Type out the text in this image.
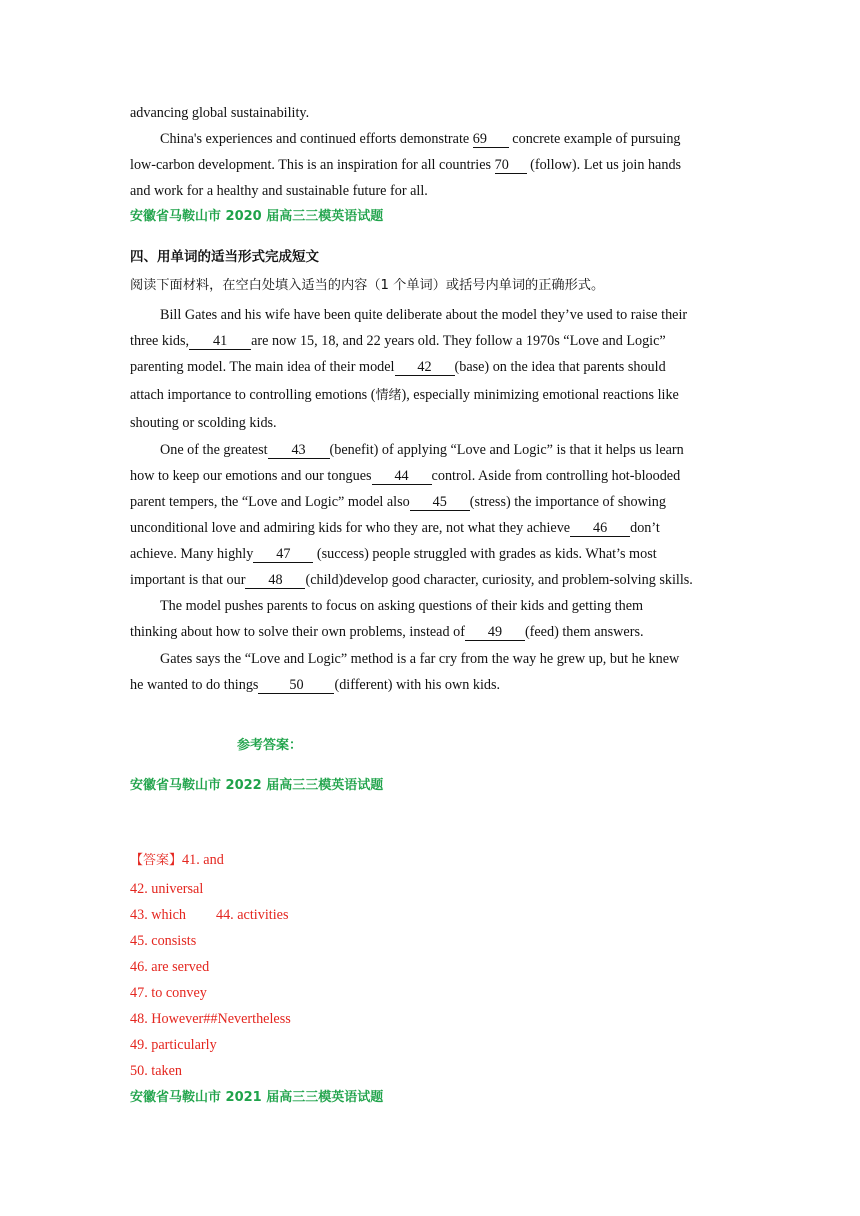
advancing global sustainability.
China's experiences and continued efforts demonstrate 69 concrete example of pursuing
low-carbon development. This is an inspiration for all countries 70 (follow). Let us join hands
and work for a healthy and sustainable future for all.
安徽省马鞍山市 2020 届高三三模英语试题
四、用单词的适当形式完成短文
阅读下面材料，在空白处填入适当的内容（1 个单词）或括号内单词的正确形式。
Bill Gates and his wife have been quite deliberate about the model they’ve used to raise their
three kids, 41 are now 15, 18, and 22 years old. They follow a 1970s “Love and Logic”
parenting model. The main idea of their model 42 (base) on the idea that parents should
attach importance to controlling emotions (情绪), especially minimizing emotional reactions like
shouting or scolding kids.
One of the greatest 43 (benefit) of applying “Love and Logic” is that it helps us learn
how to keep our emotions and our tongues 44 control. Aside from controlling hot-blooded
parent tempers, the “Love and Logic” model also 45 (stress) the importance of showing
unconditional love and admiring kids for who they are, not what they achieve 46 don’t
achieve. Many highly 47 (success) people struggled with grades as kids. What’s most
important is that our 48 (child)develop good character, curiosity, and problem-solving skills.
The model pushes parents to focus on asking questions of their kids and getting them
thinking about how to solve their own problems, instead of 49 (feed) them answers.
Gates says the “Love and Logic” method is a far cry from the way he grew up, but he knew
he wanted to do things 50 (different) with his own kids.
参考答案：
安徽省马鞍山市 2022 届高三三模英语试题
【答案】41. and
42. universal
43. which 44. activities
45. consists
46. are served
47. to convey
48. However##Nevertheless
49. particularly
50. taken
安徽省马鞍山市 2021 届高三三模英语试题
